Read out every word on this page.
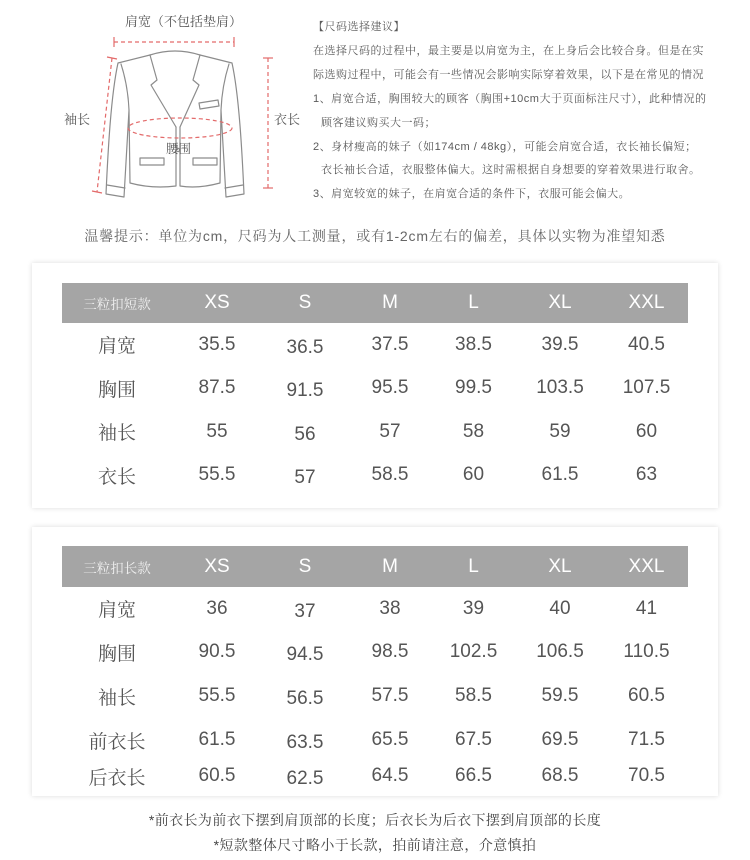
肩宽（不包括垫肩）
袖长	衣长
腰围
【尺码选择建议】
在选择尺码的过程中，最主要是以肩宽为主，在上身后会比较合身。但是在实
际选购过程中，可能会有一些情况会影响实际穿着效果，以下是在常见的情况
1、肩宽合适，胸围较大的顾客（胸围+10cm大于页面标注尺寸），此种情况的
顾客建议购买大一码；
2、身材瘦高的妹子（如174cm / 48kg），可能会肩宽合适，衣长袖长偏短；
衣长袖长合适，衣服整体偏大。这时需根据自身想要的穿着效果进行取舍。
3、肩宽较宽的妹子，在肩宽合适的条件下，衣服可能会偏大。
温馨提示：单位为cm，尺码为人工测量，或有1-2cm左右的偏差，具体以实物为准望知悉
三粒扣短款	XS	S	M	L	XL	XXL
肩宽	35.5	36.5	37.5	38.5	39.5	40.5
胸围	87.5	91.5	95.5	99.5	103.5	107.5
袖长	55	56	57	58	59	60
衣长	55.5	57	58.5	60	61.5	63
三粒扣长款	XS	S	M	L	XL	XXL
肩宽	36	37	38	39	40	41
胸围	90.5	94.5	98.5	102.5	106.5	110.5
袖长	55.5	56.5	57.5	58.5	59.5	60.5
前衣长	61.5	63.5	65.5	67.5	69.5	71.5
后衣长	60.5	62.5	64.5	66.5	68.5	70.5
*前衣长为前衣下摆到肩顶部的长度；后衣长为后衣下摆到肩顶部的长度
*短款整体尺寸略小于长款，拍前请注意，介意慎拍
